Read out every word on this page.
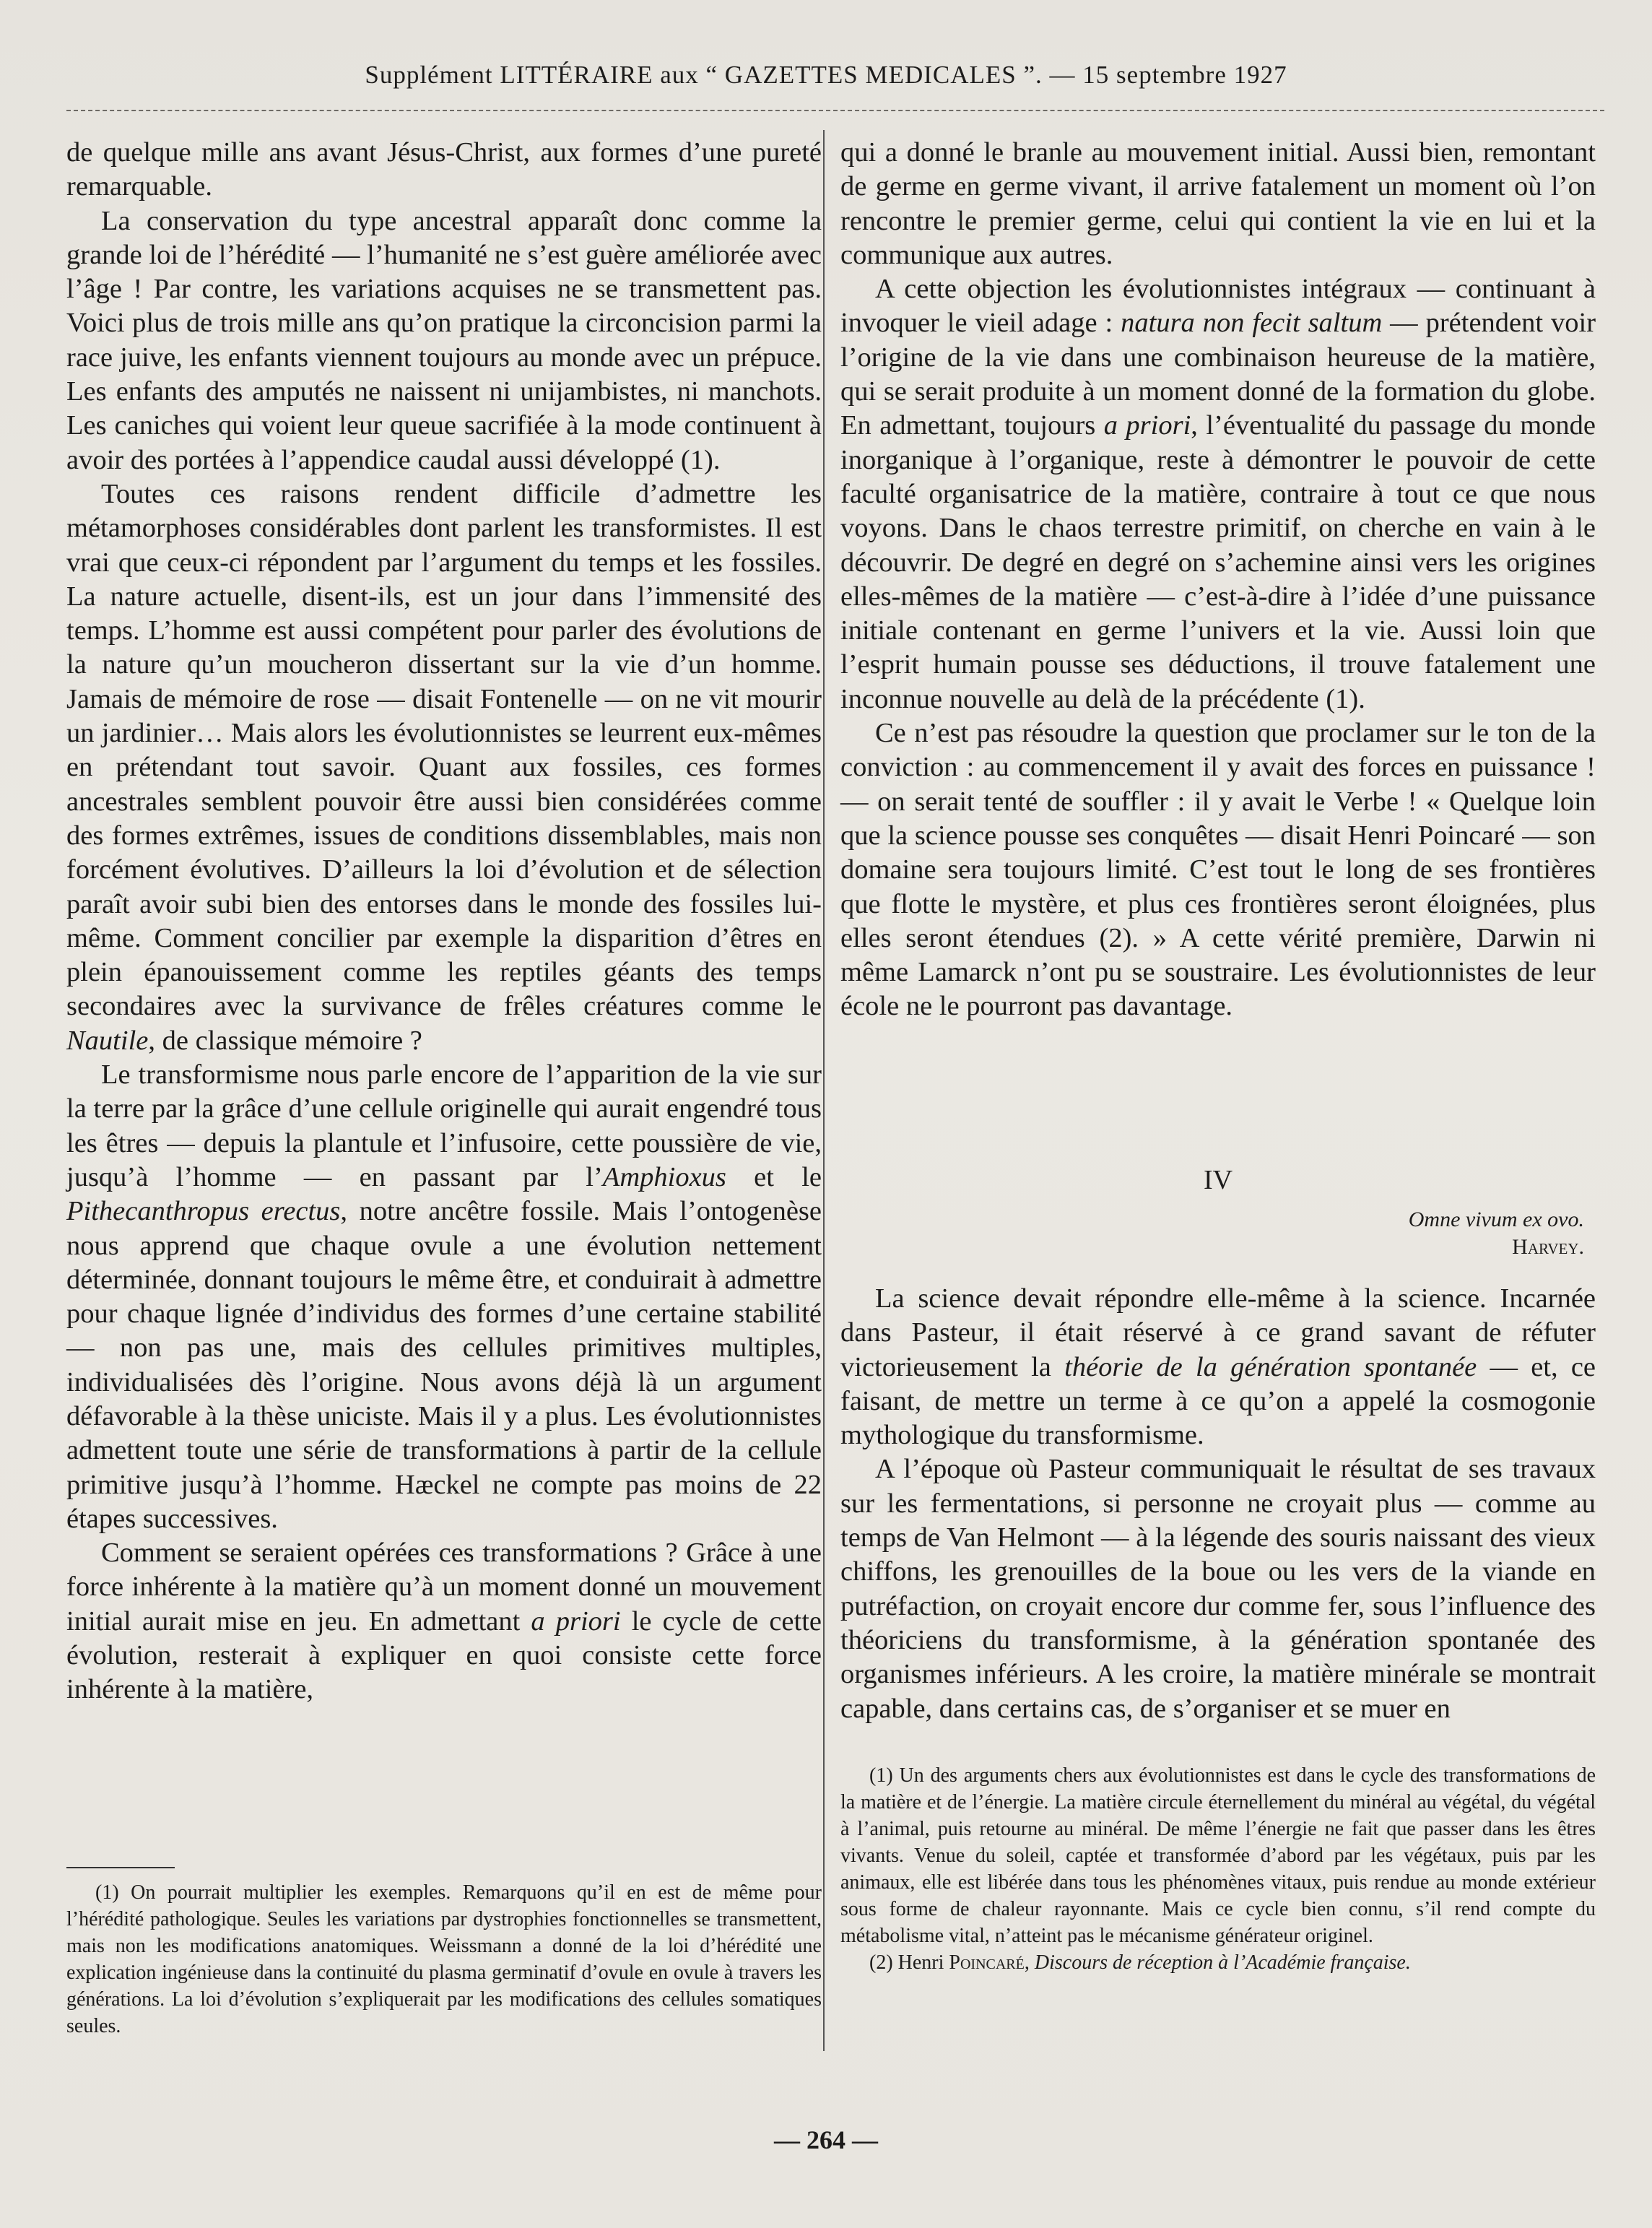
Supplément LITTÉRAIRE aux “ GAZETTES MEDICALES ”. — 15 septembre 1927

de quelque mille ans avant Jésus-Christ, aux formes d’une pureté remarquable.

La conservation du type ancestral apparaît donc comme la grande loi de l’hérédité — l’humanité ne s’est guère améliorée avec l’âge ! Par contre, les variations acquises ne se transmettent pas. Voici plus de trois mille ans qu’on pratique la circoncision parmi la race juive, les enfants viennent toujours au monde avec un prépuce. Les enfants des amputés ne naissent ni unijambistes, ni manchots. Les caniches qui voient leur queue sacrifiée à la mode continuent à avoir des portées à l’appendice caudal aussi développé (1).

Toutes ces raisons rendent difficile d’admettre les métamorphoses considérables dont parlent les transformistes. Il est vrai que ceux-ci répondent par l’argument du temps et les fossiles. La nature actuelle, disent-ils, est un jour dans l’immensité des temps. L’homme est aussi compétent pour parler des évolutions de la nature qu’un moucheron dissertant sur la vie d’un homme. Jamais de mémoire de rose — disait Fontenelle — on ne vit mourir un jardinier… Mais alors les évolutionnistes se leurrent eux-mêmes en prétendant tout savoir. Quant aux fossiles, ces formes ancestrales semblent pouvoir être aussi bien considérées comme des formes extrêmes, issues de conditions dissemblables, mais non forcément évolutives. D’ailleurs la loi d’évolution et de sélection paraît avoir subi bien des entorses dans le monde des fossiles lui-même. Comment concilier par exemple la disparition d’êtres en plein épanouissement comme les reptiles géants des temps secondaires avec la survivance de frêles créatures comme le Nautile, de classique mémoire ?

Le transformisme nous parle encore de l’apparition de la vie sur la terre par la grâce d’une cellule originelle qui aurait engendré tous les êtres — depuis la plantule et l’infusoire, cette poussière de vie, jusqu’à l’homme — en passant par l’Amphioxus et le Pithecanthropus erectus, notre ancêtre fossile. Mais l’ontogenèse nous apprend que chaque ovule a une évolution nettement déterminée, donnant toujours le même être, et conduirait à admettre pour chaque lignée d’individus des formes d’une certaine stabilité — non pas une, mais des cellules primitives multiples, individualisées dès l’origine. Nous avons déjà là un argument défavorable à la thèse uniciste. Mais il y a plus. Les évolutionnistes admettent toute une série de transformations à partir de la cellule primitive jusqu’à l’homme. Hæckel ne compte pas moins de 22 étapes successives.

Comment se seraient opérées ces transformations ? Grâce à une force inhérente à la matière qu’à un moment donné un mouvement initial aurait mise en jeu. En admettant a priori le cycle de cette évolution, resterait à expliquer en quoi consiste cette force inhérente à la matière,

(1) On pourrait multiplier les exemples. Remarquons qu’il en est de même pour l’hérédité pathologique. Seules les variations par dystrophies fonctionnelles se transmettent, mais non les modifications anatomiques. Weissmann a donné de la loi d’hérédité une explication ingénieuse dans la continuité du plasma germinatif d’ovule en ovule à travers les générations. La loi d’évolution s’expliquerait par les modifications des cellules somatiques seules.

qui a donné le branle au mouvement initial. Aussi bien, remontant de germe en germe vivant, il arrive fatalement un moment où l’on rencontre le premier germe, celui qui contient la vie en lui et la communique aux autres.

A cette objection les évolutionnistes intégraux — continuant à invoquer le vieil adage : natura non fecit saltum — prétendent voir l’origine de la vie dans une combinaison heureuse de la matière, qui se serait produite à un moment donné de la formation du globe. En admettant, toujours a priori, l’éventualité du passage du monde inorganique à l’organique, reste à démontrer le pouvoir de cette faculté organisatrice de la matière, contraire à tout ce que nous voyons. Dans le chaos terrestre primitif, on cherche en vain à le découvrir. De degré en degré on s’achemine ainsi vers les origines elles-mêmes de la matière — c’est-à-dire à l’idée d’une puissance initiale contenant en germe l’univers et la vie. Aussi loin que l’esprit humain pousse ses déductions, il trouve fatalement une inconnue nouvelle au delà de la précédente (1).

Ce n’est pas résoudre la question que proclamer sur le ton de la conviction : au commencement il y avait des forces en puissance ! — on serait tenté de souffler : il y avait le Verbe ! « Quelque loin que la science pousse ses conquêtes — disait Henri Poincaré — son domaine sera toujours limité. C’est tout le long de ses frontières que flotte le mystère, et plus ces frontières seront éloignées, plus elles seront étendues (2). » A cette vérité première, Darwin ni même Lamarck n’ont pu se soustraire. Les évolutionnistes de leur école ne le pourront pas davantage.

IV
Omne vivum ex ovo.
Harvey.

La science devait répondre elle-même à la science. Incarnée dans Pasteur, il était réservé à ce grand savant de réfuter victorieusement la théorie de la génération spontanée — et, ce faisant, de mettre un terme à ce qu’on a appelé la cosmogonie mythologique du transformisme.

A l’époque où Pasteur communiquait le résultat de ses travaux sur les fermentations, si personne ne croyait plus — comme au temps de Van Helmont — à la légende des souris naissant des vieux chiffons, les grenouilles de la boue ou les vers de la viande en putréfaction, on croyait encore dur comme fer, sous l’influence des théoriciens du transformisme, à la génération spontanée des organismes inférieurs. A les croire, la matière minérale se montrait capable, dans certains cas, de s’organiser et se muer en

(1) Un des arguments chers aux évolutionnistes est dans le cycle des transformations de la matière et de l’énergie. La matière circule éternellement du minéral au végétal, du végétal à l’animal, puis retourne au minéral. De même l’énergie ne fait que passer dans les êtres vivants. Venue du soleil, captée et transformée d’abord par les végétaux, puis par les animaux, elle est libérée dans tous les phénomènes vitaux, puis rendue au monde extérieur sous forme de chaleur rayonnante. Mais ce cycle bien connu, s’il rend compte du métabolisme vital, n’atteint pas le mécanisme générateur originel.

(2) Henri Poincaré, Discours de réception à l’Académie française.

— 264 —
